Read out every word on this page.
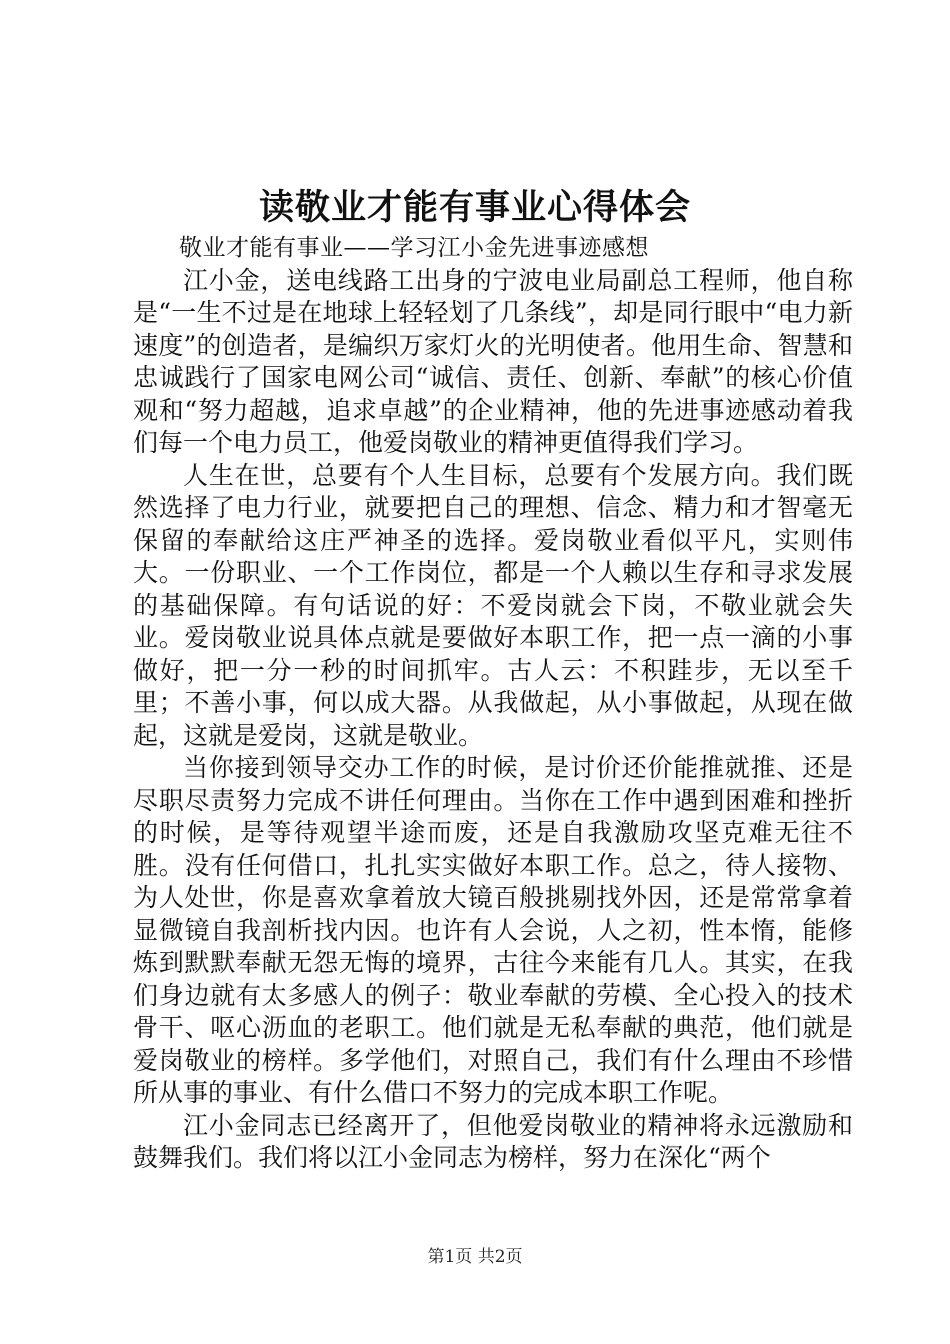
读敬业才能有事业心得体会

敬业才能有事业——学习江小金先进事迹感想

江小金，送电线路工出身的宁波电业局副总工程师，他自称是“一生不过是在地球上轻轻划了几条线”，却是同行眼中“电力新速度”的创造者，是编织万家灯火的光明使者。他用生命、智慧和忠诚践行了国家电网公司“诚信、责任、创新、奉献”的核心价值观和“努力超越，追求卓越”的企业精神，他的先进事迹感动着我们每一个电力员工，他爱岗敬业的精神更值得我们学习。

人生在世，总要有个人生目标，总要有个发展方向。我们既然选择了电力行业，就要把自己的理想、信念、精力和才智毫无保留的奉献给这庄严神圣的选择。爱岗敬业看似平凡，实则伟大。一份职业、一个工作岗位，都是一个人赖以生存和寻求发展的基础保障。有句话说的好：不爱岗就会下岗，不敬业就会失业。爱岗敬业说具体点就是要做好本职工作，把一点一滴的小事做好，把一分一秒的时间抓牢。古人云：不积跬步，无以至千里；不善小事，何以成大器。从我做起，从小事做起，从现在做起，这就是爱岗，这就是敬业。

当你接到领导交办工作的时候，是讨价还价能推就推、还是尽职尽责努力完成不讲任何理由。当你在工作中遇到困难和挫折的时候，是等待观望半途而废，还是自我激励攻坚克难无往不胜。没有任何借口，扎扎实实做好本职工作。总之，待人接物、为人处世，你是喜欢拿着放大镜百般挑剔找外因，还是常常拿着显微镜自我剖析找内因。也许有人会说，人之初，性本惰，能修炼到默默奉献无怨无悔的境界，古往今来能有几人。其实，在我们身边就有太多感人的例子：敬业奉献的劳模、全心投入的技术骨干、呕心沥血的老职工。他们就是无私奉献的典范，他们就是爱岗敬业的榜样。多学他们，对照自己，我们有什么理由不珍惜所从事的事业、有什么借口不努力的完成本职工作呢。

江小金同志已经离开了，但他爱岗敬业的精神将永远激励和鼓舞我们。我们将以江小金同志为榜样，努力在深化“两个

第1页 共2页
